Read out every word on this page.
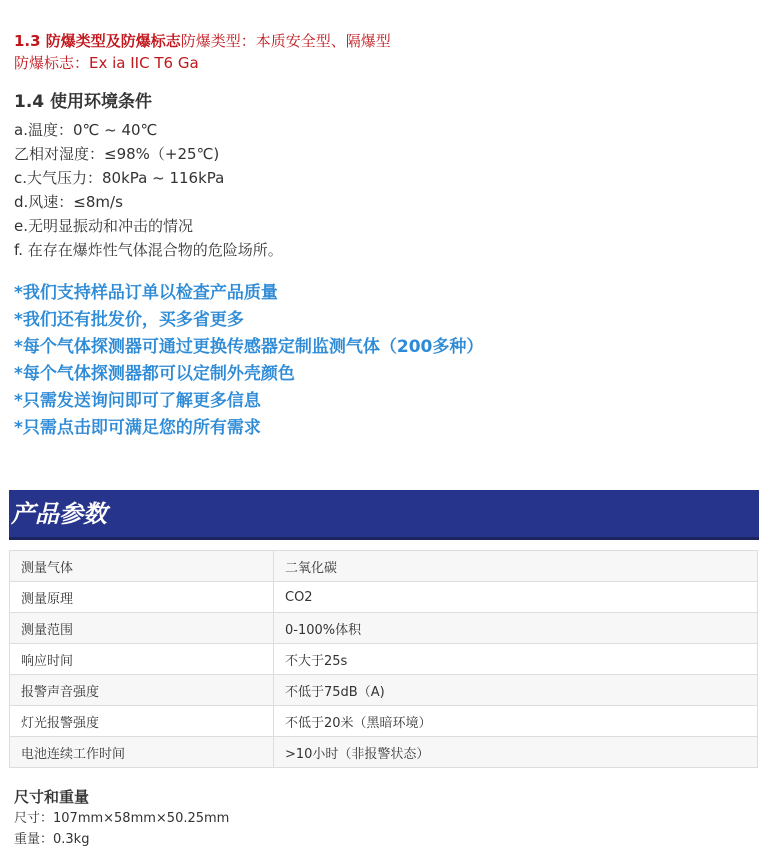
1.3 防爆类型及防爆标志防爆类型：本质安全型、隔爆型
防爆标志：Ex ia IIC T6 Ga
1.4 使用环境条件
a.温度：0℃ ~ 40℃
乙相对湿度：≤98%（+25℃)
c.大气压力：80kPa ~ 116kPa
d.风速：≤8m/s
e.无明显振动和冲击的情况
f. 在存在爆炸性气体混合物的危险场所。
*我们支持样品订单以检查产品质量
*我们还有批发价，买多省更多
*每个气体探测器可通过更换传感器定制监测气体（200多种）
*每个气体探测器都可以定制外壳颜色
*只需发送询问即可了解更多信息
*只需点击即可满足您的所有需求
产品参数
测量气体	二氧化碳
测量原理	CO2
测量范围	0-100%体积
响应时间	不大于25s
报警声音强度	不低于75dB（A)
灯光报警强度	不低于20米（黑暗环境）
电池连续工作时间	>10小时（非报警状态）
尺寸和重量
尺寸：107mm×58mm×50.25mm
重量：0.3kg
